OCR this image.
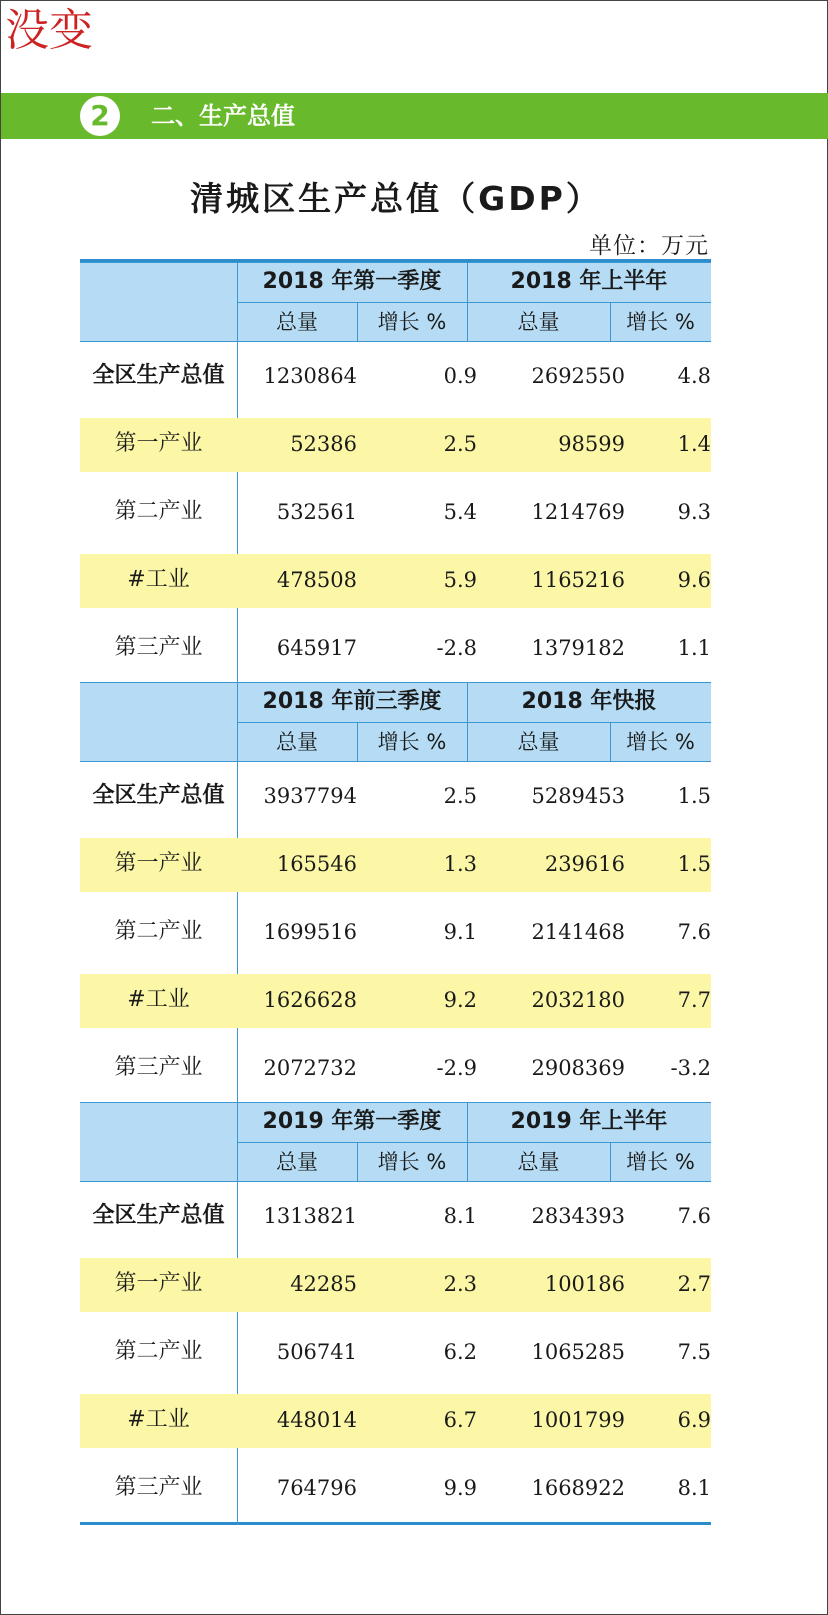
没变
2	二、生产总值
清城区生产总值（GDP）
单位：万元
2018 年第一季度	2018 年上半年
总量	增长 %	总量	增长 %
全区生产总值	1230864	0.9	2692550	4.8
第一产业	52386	2.5	98599	1.4
第二产业	532561	5.4	1214769	9.3
#工业	478508	5.9	1165216	9.6
第三产业	645917	-2.8	1379182	1.1
2018 年前三季度	2018 年快报
总量	增长 %	总量	增长 %
全区生产总值	3937794	2.5	5289453	1.5
第一产业	165546	1.3	239616	1.5
第二产业	1699516	9.1	2141468	7.6
#工业	1626628	9.2	2032180	7.7
第三产业	2072732	-2.9	2908369	-3.2
2019 年第一季度	2019 年上半年
总量	增长 %	总量	增长 %
全区生产总值	1313821	8.1	2834393	7.6
第一产业	42285	2.3	100186	2.7
第二产业	506741	6.2	1065285	7.5
#工业	448014	6.7	1001799	6.9
第三产业	764796	9.9	1668922	8.1
